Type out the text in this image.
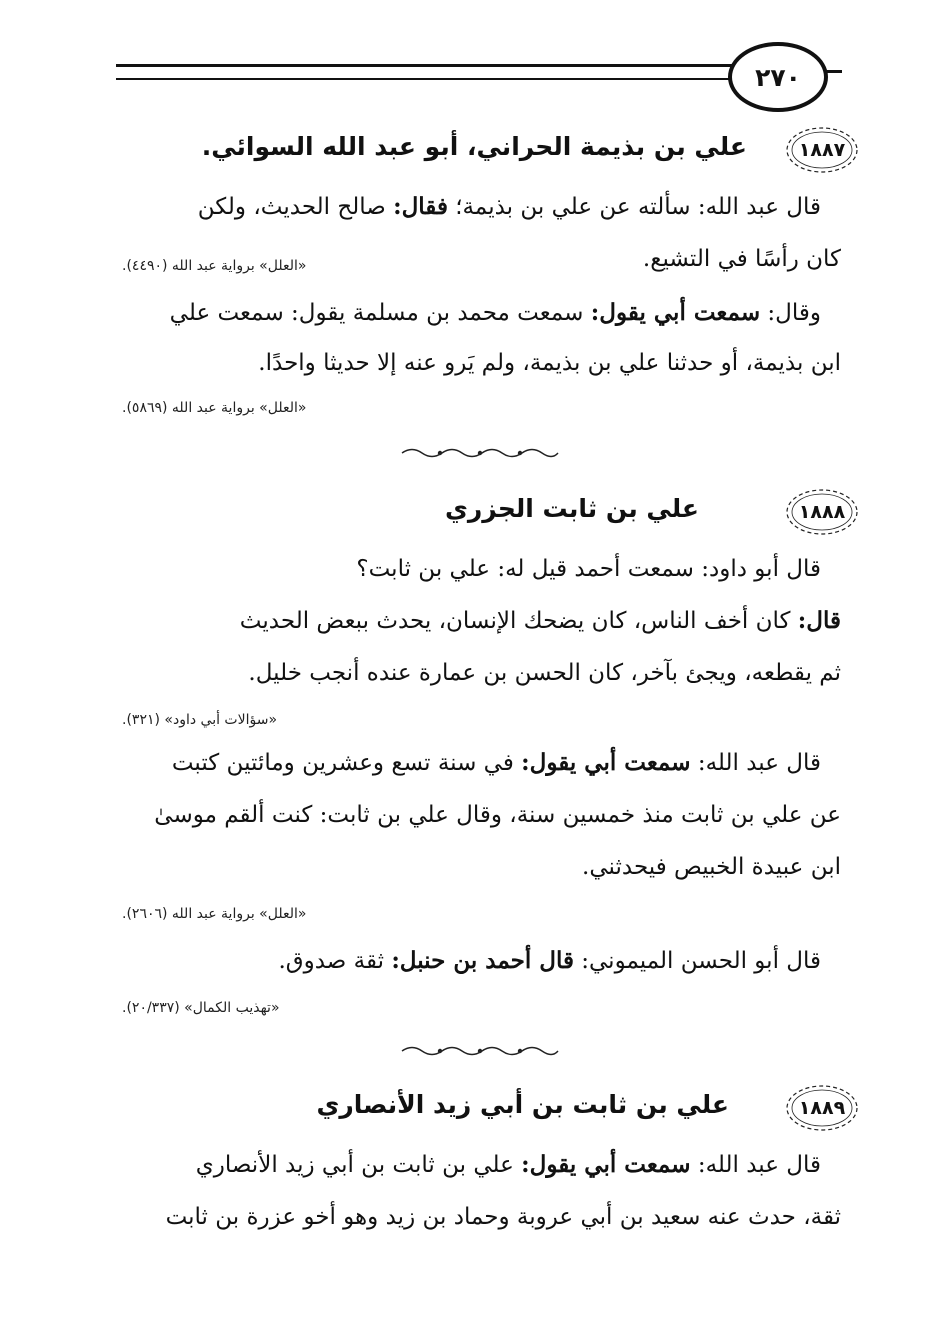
٢٧٠
١٨٨٧
علي بن بذيمة الحراني، أبو عبد الله السوائي.
قال عبد الله: سألته عن علي بن بذيمة؛ فقال: صالح الحديث، ولكن
كان رأسًا في التشيع.
«العلل» برواية عبد الله (٤٤٩٠).
وقال: سمعت أبي يقول: سمعت محمد بن مسلمة يقول: سمعت علي
ابن بذيمة، أو حدثنا علي بن بذيمة، ولم يَرو عنه إلا حديثا واحدًا.
«العلل» برواية عبد الله (٥٨٦٩).
١٨٨٨
علي بن ثابت الجزري
قال أبو داود: سمعت أحمد قيل له: علي بن ثابت؟
قال: كان أخف الناس، كان يضحك الإنسان، يحدث ببعض الحديث
ثم يقطعه، ويجئ بآخر، كان الحسن بن عمارة عنده أنجب خليل.
«سؤالات أبي داود» (٣٢١).
قال عبد الله: سمعت أبي يقول: في سنة تسع وعشرين ومائتين كتبت
عن علي بن ثابت منذ خمسين سنة، وقال علي بن ثابت: كنت ألقم موسىٰ
ابن عبيدة الخبيص فيحدثني.
«العلل» برواية عبد الله (٢٦٠٦).
قال أبو الحسن الميموني: قال أحمد بن حنبل: ثقة صدوق.
«تهذيب الكمال» (٢٠/٣٣٧).
١٨٨٩
علي بن ثابت بن أبي زيد الأنصاري
قال عبد الله: سمعت أبي يقول: علي بن ثابت بن أبي زيد الأنصاري
ثقة، حدث عنه سعيد بن أبي عروبة وحماد بن زيد وهو أخو عزرة بن ثابت
